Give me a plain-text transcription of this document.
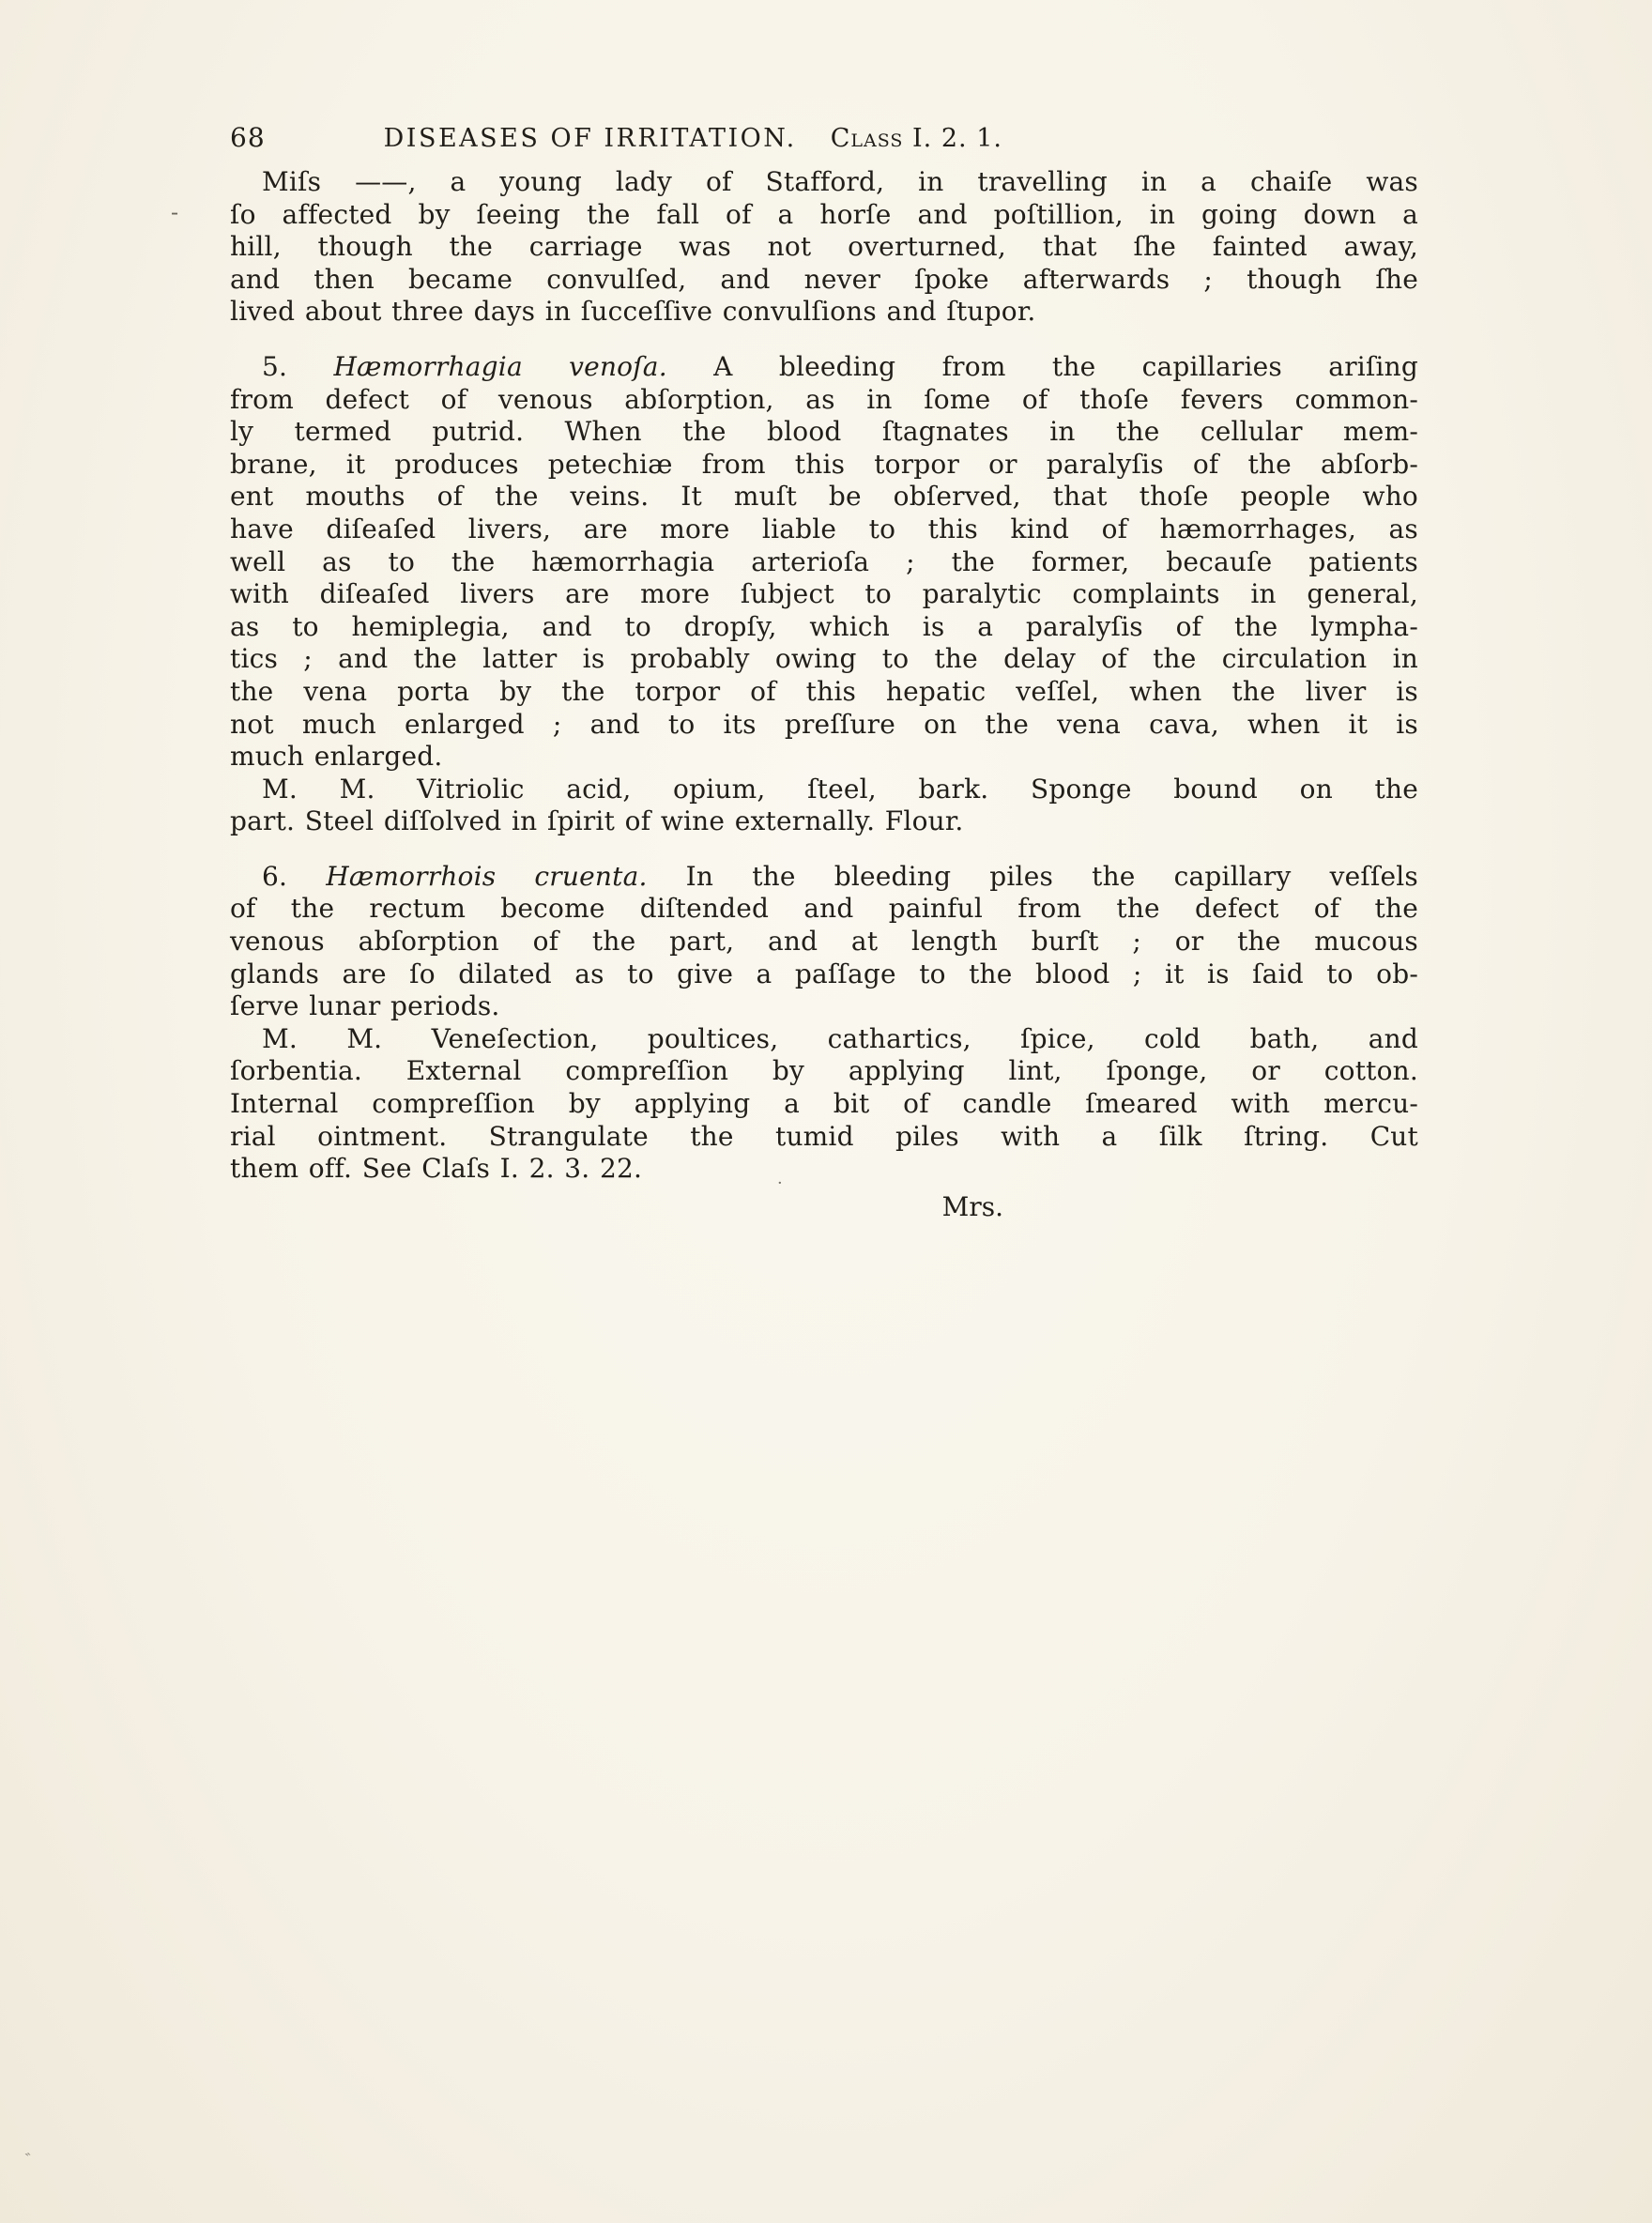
-
·
‶
68	DISEASES OF IRRITATION. Class I. 2. 1.
Miſs ——, a young lady of Stafford, in travelling in a chaiſe was
ſo affected by ſeeing the fall of a horſe and poſtillion, in going down a
hill, though the carriage was not overturned, that ſhe fainted away,
and then became convulſed, and never ſpoke afterwards ; though ſhe
lived about three days in ſucceſſive convulſions and ſtupor.
5. Hæmorrhagia venoſa. A bleeding from the capillaries ariſing
from defect of venous abſorption, as in ſome of thoſe fevers common-
ly termed putrid. When the blood ſtagnates in the cellular mem-
brane, it produces petechiæ from this torpor or paralyſis of the abſorb-
ent mouths of the veins. It muſt be obſerved, that thoſe people who
have diſeaſed livers, are more liable to this kind of hæmorrhages, as
well as to the hæmorrhagia arterioſa ; the former, becauſe patients
with diſeaſed livers are more ſubject to paralytic complaints in general,
as to hemiplegia, and to dropſy, which is a paralyſis of the lympha-
tics ; and the latter is probably owing to the delay of the circulation in
the vena porta by the torpor of this hepatic veſſel, when the liver is
not much enlarged ; and to its preſſure on the vena cava, when it is
much enlarged.
M. M. Vitriolic acid, opium, ſteel, bark. Sponge bound on the
part. Steel diſſolved in ſpirit of wine externally. Flour.
6. Hæmorrhois cruenta. In the bleeding piles the capillary veſſels
of the rectum become diſtended and painful from the defect of the
venous abſorption of the part, and at length burſt ; or the mucous
glands are ſo dilated as to give a paſſage to the blood ; it is ſaid to ob-
ſerve lunar periods.
M. M. Veneſection, poultices, cathartics, ſpice, cold bath, and
ſorbentia. External compreſſion by applying lint, ſponge, or cotton.
Internal compreſſion by applying a bit of candle ſmeared with mercu-
rial ointment. Strangulate the tumid piles with a ſilk ſtring. Cut
them off. See Claſs I. 2. 3. 22.
Mrs.
